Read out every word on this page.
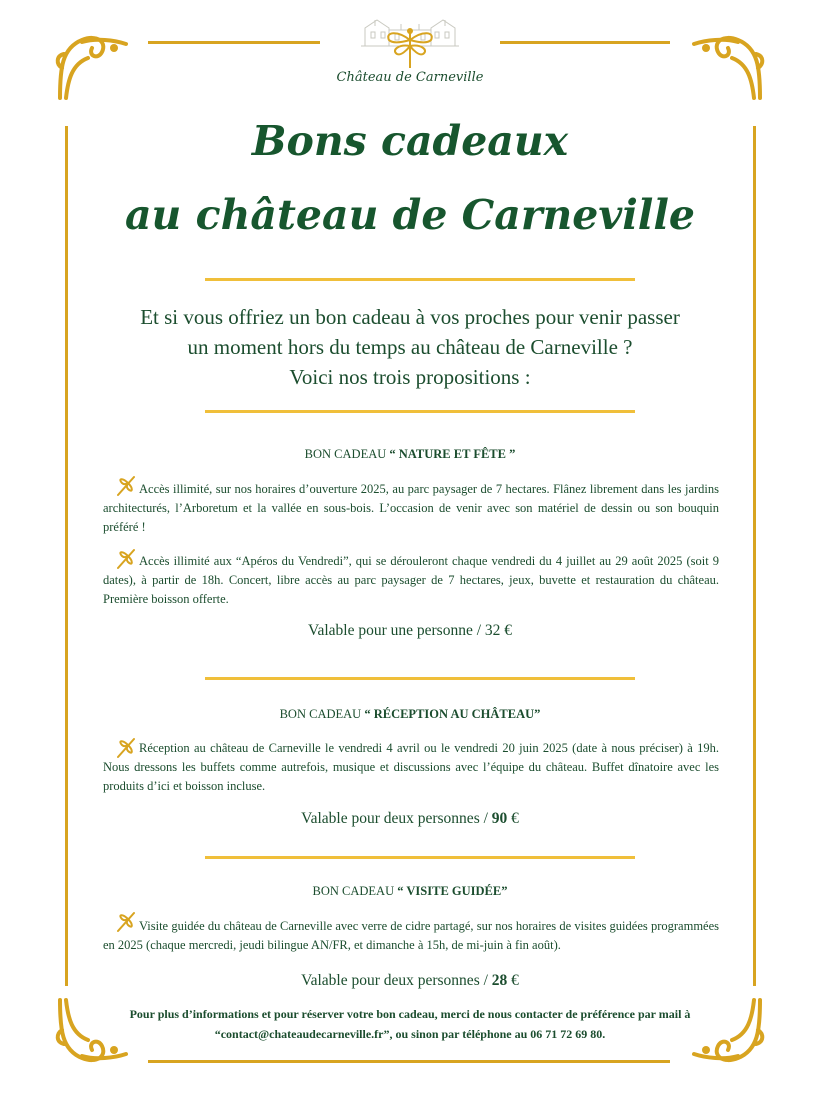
Château de Carneville
Bons cadeaux
au château de Carneville
Et si vous offriez un bon cadeau à vos proches pour venir passer
un moment hors du temps au château de Carneville ?
Voici nos trois propositions :
BON CADEAU “ NATURE ET FÊTE ”
Accès illimité, sur nos horaires d’ouverture 2025, au parc paysager de 7 hectares. Flânez librement dans les jardins architecturés, l’Arboretum et la vallée en sous-bois. L’occasion de venir avec son matériel de dessin ou son bouquin préféré !
Accès illimité aux “Apéros du Vendredi”, qui se dérouleront chaque vendredi du 4 juillet au 29 août 2025 (soit 9 dates), à partir de 18h. Concert, libre accès au parc paysager de 7 hectares, jeux, buvette et restauration du château. Première boisson offerte.
Valable pour une personne / 32 €
BON CADEAU “ RÉCEPTION AU CHÂTEAU”
Réception au château de Carneville le vendredi 4 avril ou le vendredi 20 juin 2025 (date à nous préciser) à 19h. Nous dressons les buffets comme autrefois, musique et discussions avec l’équipe du château. Buffet dînatoire avec les produits d’ici et boisson incluse.
Valable pour deux personnes / 90 €
BON CADEAU “ VISITE GUIDÉE”
Visite guidée du château de Carneville avec verre de cidre partagé, sur nos horaires de visites guidées programmées en 2025 (chaque mercredi, jeudi bilingue AN/FR, et dimanche à 15h, de mi-juin à fin août).
Valable pour deux personnes / 28 €
Pour plus d’informations et pour réserver votre bon cadeau, merci de nous contacter de préférence par mail à
“contact@chateaudecarneville.fr”, ou sinon par téléphone au 06 71 72 69 80.
